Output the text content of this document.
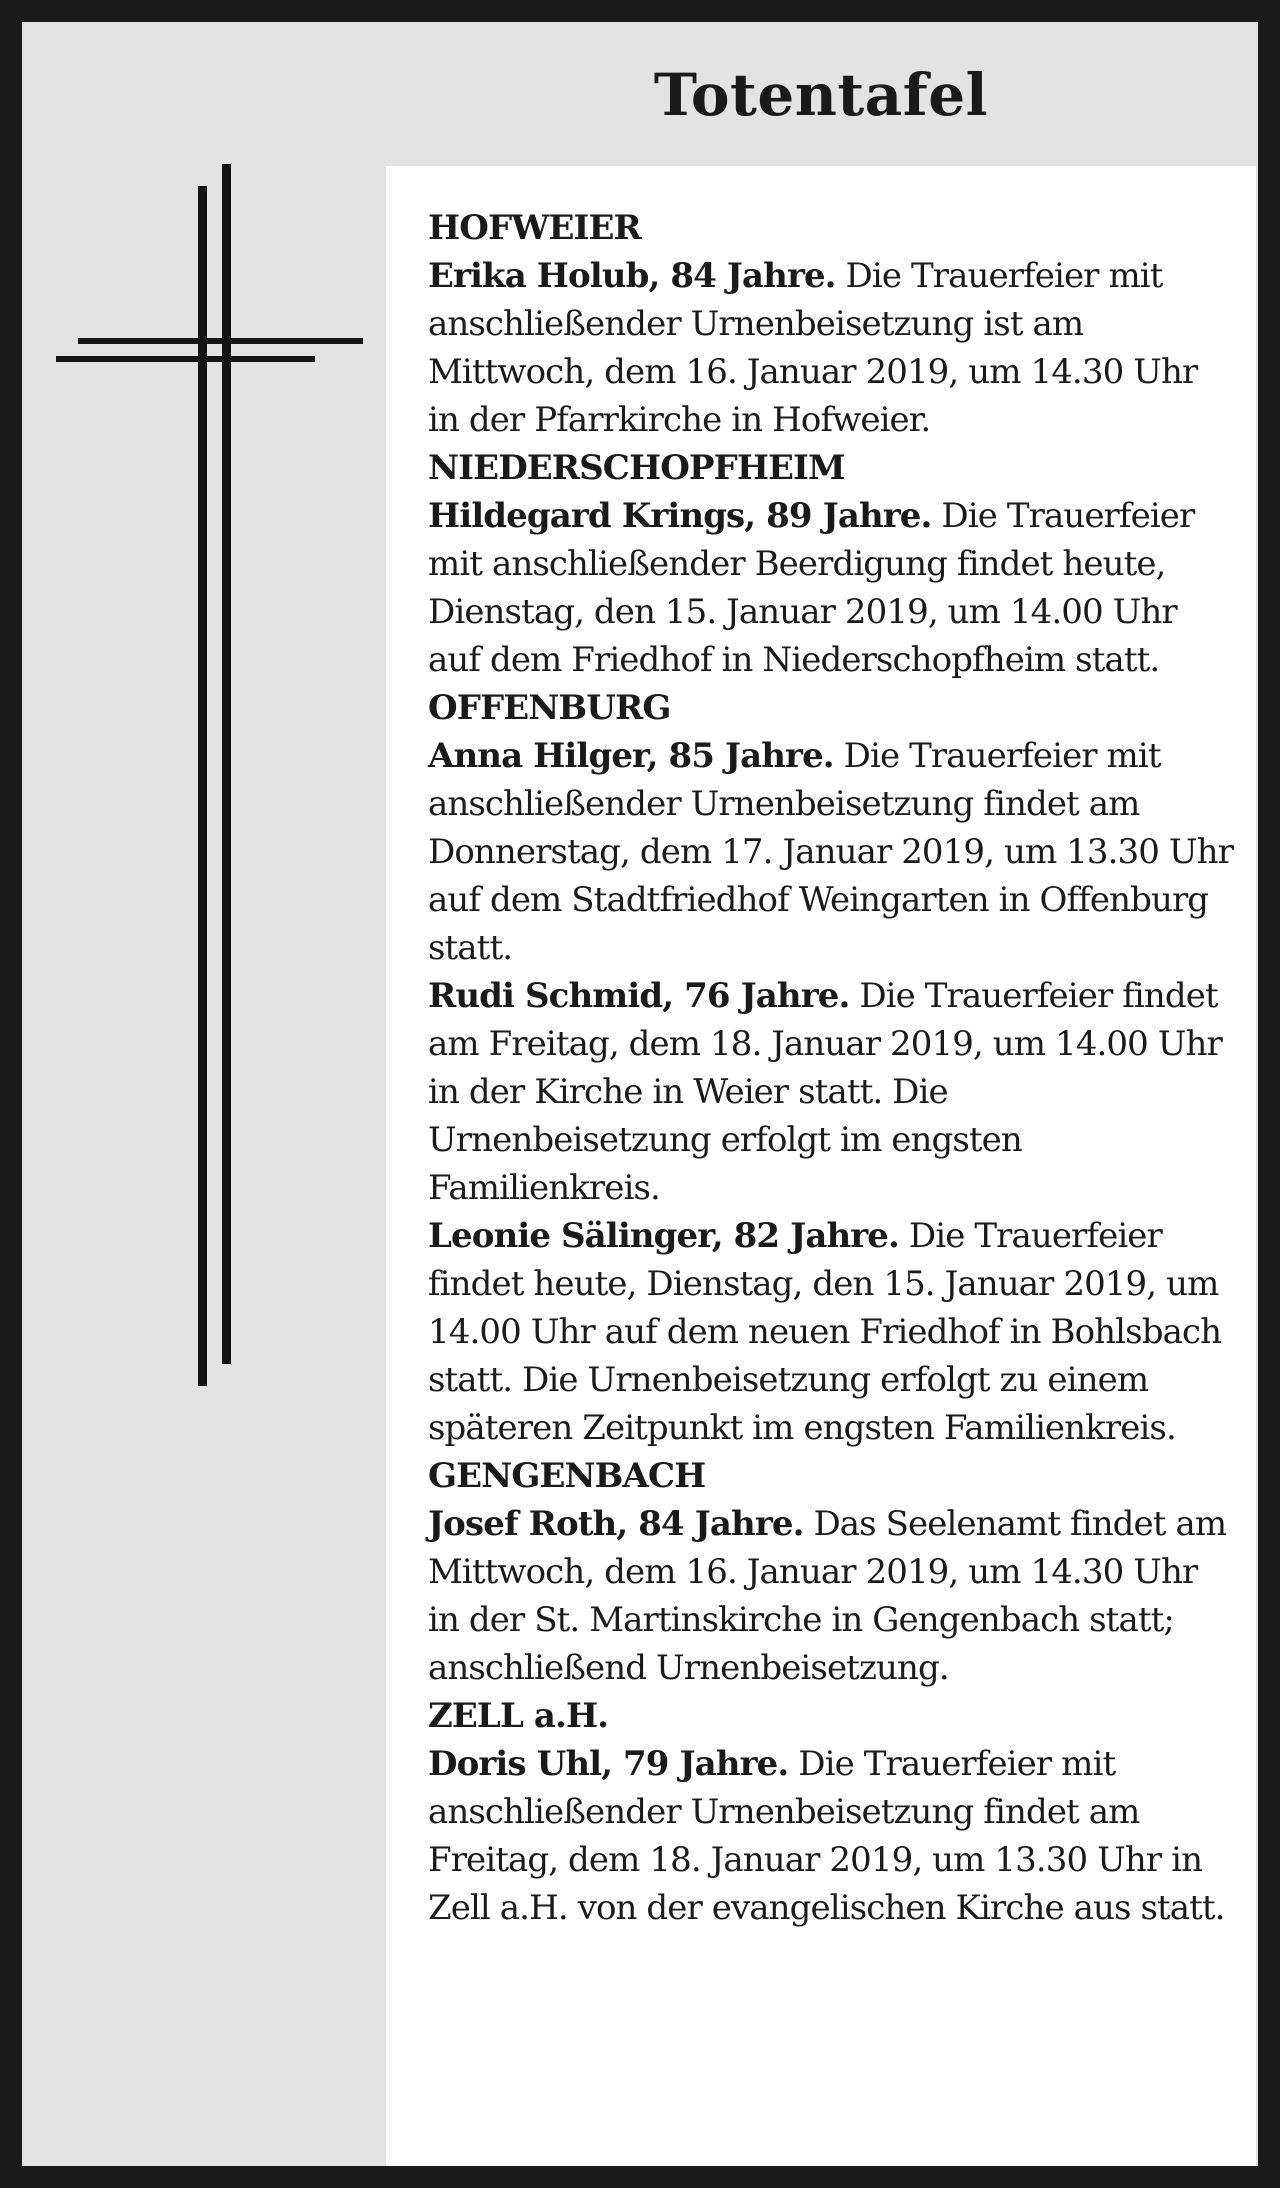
Totentafel
HOFWEIER
Erika Holub, 84 Jahre. Die Trauerfeier mit anschließender Urnenbeisetzung ist am Mittwoch, dem 16. Januar 2019, um 14.30 Uhr in der Pfarrkirche in Hofweier.
NIEDERSCHOPFHEIM
Hildegard Krings, 89 Jahre. Die Trauerfeier mit anschließender Beerdigung findet heute, Dienstag, den 15. Januar 2019, um 14.00 Uhr auf dem Friedhof in Niederschopfheim statt.
OFFENBURG
Anna Hilger, 85 Jahre. Die Trauerfeier mit anschließender Urnenbeisetzung findet am Donnerstag, dem 17. Januar 2019, um 13.30 Uhr auf dem Stadtfriedhof Weingarten in Offenburg statt.
Rudi Schmid, 76 Jahre. Die Trauerfeier findet am Freitag, dem 18. Januar 2019, um 14.00 Uhr in der Kirche in Weier statt. Die Urnenbeisetzung erfolgt im engsten Familienkreis.
Leonie Sälinger, 82 Jahre. Die Trauerfeier findet heute, Dienstag, den 15. Januar 2019, um 14.00 Uhr auf dem neuen Friedhof in Bohlsbach statt. Die Urnenbeisetzung erfolgt zu einem späteren Zeitpunkt im engsten Familienkreis.
GENGENBACH
Josef Roth, 84 Jahre. Das Seelenamt findet am Mittwoch, dem 16. Januar 2019, um 14.30 Uhr in der St. Martinskirche in Gengenbach statt; anschließend Urnenbeisetzung.
ZELL a.H.
Doris Uhl, 79 Jahre. Die Trauerfeier mit anschließender Urnenbeisetzung findet am Freitag, dem 18. Januar 2019, um 13.30 Uhr in Zell a.H. von der evangelischen Kirche aus statt.
